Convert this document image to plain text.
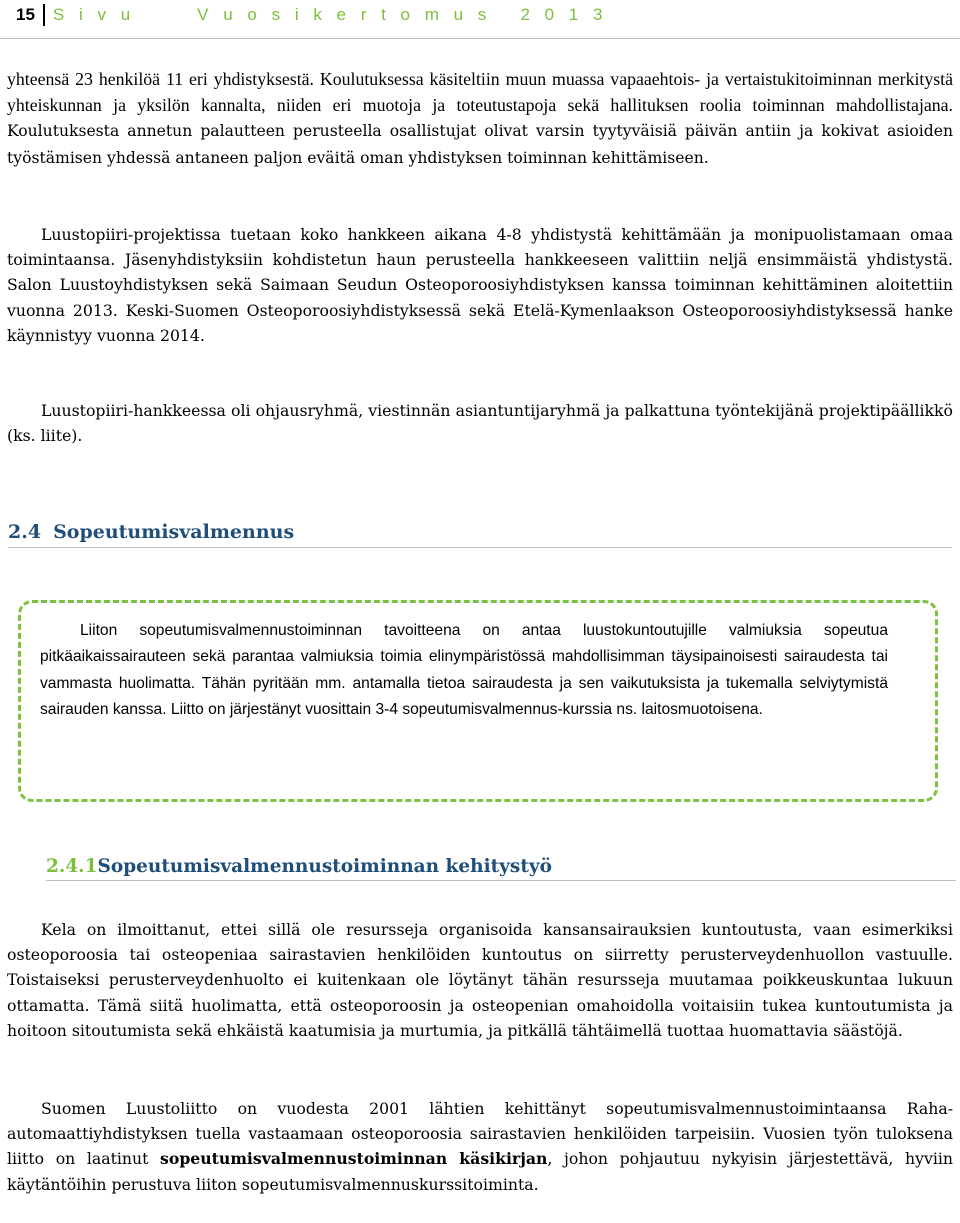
15 S i v u	V u o s i k e r t o m u s   2 0 1 3

yhteensä 23 henkilöä 11 eri yhdistyksestä. Koulutuksessa käsiteltiin muun muassa vapaaehtois- ja vertaistukitoiminnan merkitystä yhteiskunnan ja yksilön kannalta, niiden eri muotoja ja toteutustapoja sekä hallituksen roolia toiminnan mahdollistajana. Koulutuksesta annetun palautteen perusteella osallistujat olivat varsin tyytyväisiä päivän antiin ja kokivat asioiden työstämisen yhdessä antaneen paljon eväitä oman yhdistyksen toiminnan kehittämiseen.

Luustopiiri-projektissa tuetaan koko hankkeen aikana 4-8 yhdistystä kehittämään ja monipuolistamaan omaa toimintaansa. Jäsenyhdistyksiin kohdistetun haun perusteella hankkeeseen valittiin neljä ensimmäistä yhdistystä. Salon Luustoyhdistyksen sekä Saimaan Seudun Osteoporoosiyhdistyksen kanssa toiminnan kehittäminen aloitettiin vuonna 2013. Keski-Suomen Osteoporoosiyhdistyksessä sekä Etelä-Kymenlaakson Osteoporoosiyhdistyksessä hanke käynnistyy vuonna 2014.

Luustopiiri-hankkeessa oli ohjausryhmä, viestinnän asiantuntijaryhmä ja palkattuna työntekijänä projektipäällikkö (ks. liite).

2.4 Sopeutumisvalmennus

Liiton sopeutumisvalmennustoiminnan tavoitteena on antaa luustokuntoutujille valmiuksia sopeutua pitkäaikaissairauteen sekä parantaa valmiuksia toimia elinympäristössä mahdollisimman täysipainoisesti sairaudesta tai vammasta huolimatta. Tähän pyritään mm. antamalla tietoa sairaudesta ja sen vaikutuksista ja tukemalla selviytymistä sairauden kanssa. Liitto on järjestänyt vuosittain 3-4 sopeutumisvalmennus-kurssia ns. laitosmuotoisena.

2.4.1Sopeutumisvalmennustoiminnan kehitystyö

Kela on ilmoittanut, ettei sillä ole resursseja organisoida kansansairauksien kuntoutusta, vaan esimerkiksi osteoporoosia tai osteopeniaa sairastavien henkilöiden kuntoutus on siirretty perusterveydenhuollon vastuulle. Toistaiseksi perusterveydenhuolto ei kuitenkaan ole löytänyt tähän resursseja muutamaa poikkeuskuntaa lukuun ottamatta. Tämä siitä huolimatta, että osteoporoosin ja osteopenian omahoidolla voitaisiin tukea kuntoutumista ja hoitoon sitoutumista sekä ehkäistä kaatumisia ja murtumia, ja pitkällä tähtäimellä tuottaa huomattavia säästöjä.

Suomen Luustoliitto on vuodesta 2001 lähtien kehittänyt sopeutumisvalmennustoimintaansa Raha-automaattiyhdistyksen tuella vastaamaan osteoporoosia sairastavien henkilöiden tarpeisiin. Vuosien työn tuloksena liitto on laatinut sopeutumisvalmennustoiminnan käsikirjan, johon pohjautuu nykyisin järjestettävä, hyviin käytäntöihin perustuva liiton sopeutumisvalmennuskurssitoiminta.
